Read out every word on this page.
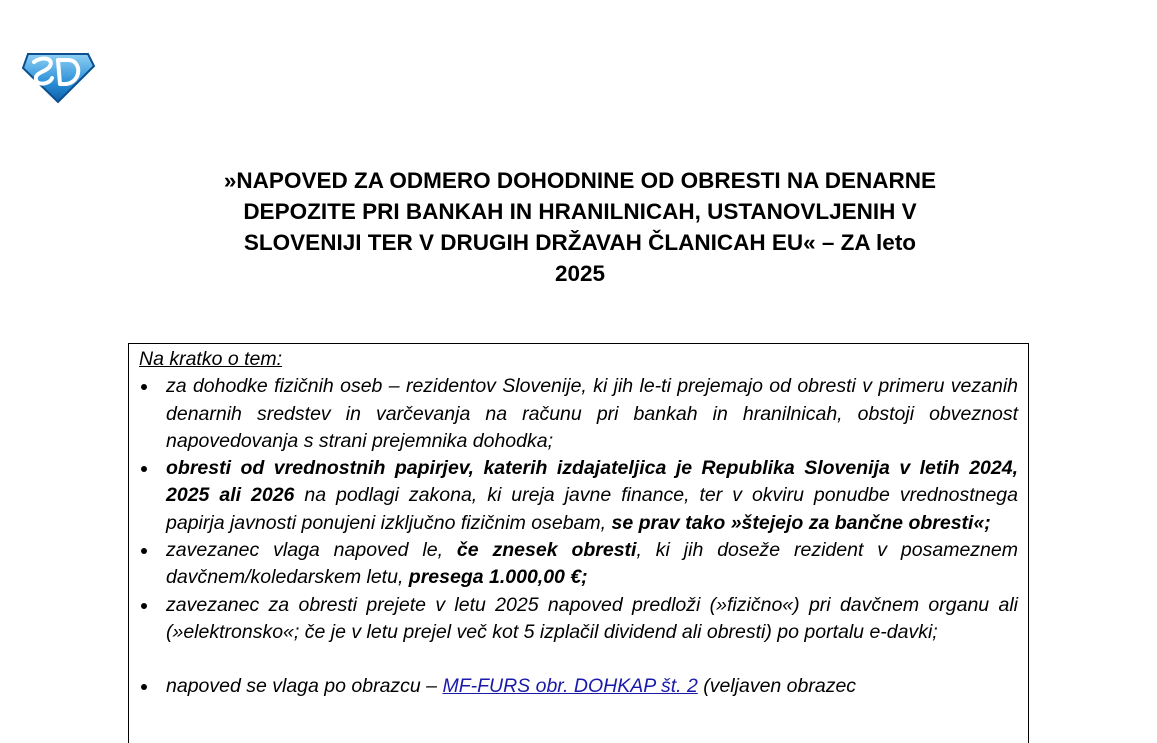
»NAPOVED ZA ODMERO DOHODNINE OD OBRESTI NA DENARNE
DEPOZITE PRI BANKAH IN HRANILNICAH, USTANOVLJENIH V
SLOVENIJI TER V DRUGIH DRŽAVAH ČLANICAH EU« – ZA leto
2025

Na kratko o tem:

za dohodke fizičnih oseb – rezidentov Slovenije, ki jih le-ti prejemajo od obresti v primeru vezanih denarnih sredstev in varčevanja na računu pri bankah in hranilnicah, obstoji obveznost napovedovanja s strani prejemnika dohodka;
obresti od vrednostnih papirjev, katerih izdajateljica je Republika Slovenija v letih 2024, 2025 ali 2026 na podlagi zakona, ki ureja javne finance, ter v okviru ponudbe vrednostnega papirja javnosti ponujeni izključno fizičnim osebam, se prav tako »štejejo za bančne obresti«;
zavezanec vlaga napoved le, če znesek obresti, ki jih doseže rezident v posameznem davčnem/koledarskem letu, presega 1.000,00 €;
zavezanec za obresti prejete v letu 2025 napoved predloži (»fizično«) pri davčnem organu ali (»elektronsko«; če je v letu prejel več kot 5 izplačil dividend ali obresti) po portalu e-davki;
napoved se vlaga po obrazcu – MF-FURS obr. DOHKAP št. 2 (veljaven obrazec
